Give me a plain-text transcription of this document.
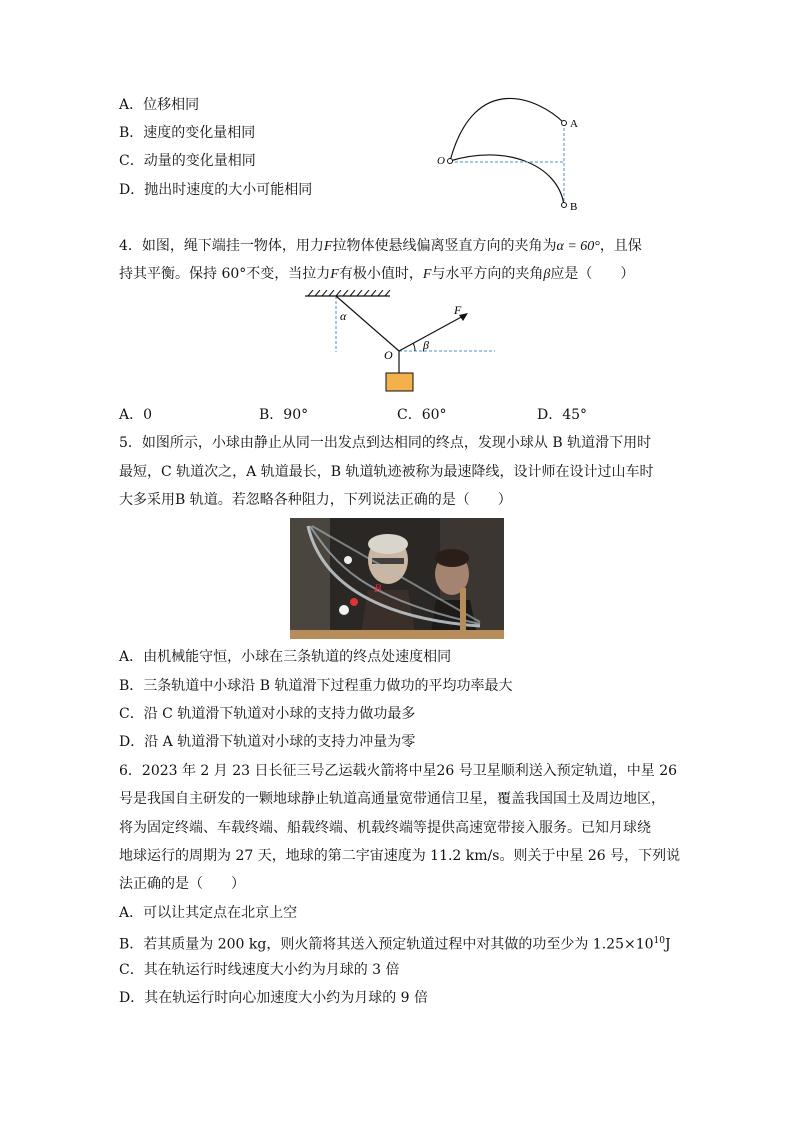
A．位移相同
B．速度的变化量相同
C．动量的变化量相同
D．抛出时速度的大小可能相同
A
B
O
4．如图，绳下端挂一物体，用力F拉物体使悬线偏离竖直方向的夹角为α = 60°，且保
持其平衡。保持 60°不变，当拉力F有极小值时，F与水平方向的夹角β应是（　　）
α
β
F
O
A．0	B．90°	C．60°	D．45°
5．如图所示，小球由静止从同一出发点到达相同的终点，发现小球从 B 轨道滑下用时
最短，C 轨道次之，A 轨道最长，B 轨道轨迹被称为最速降线，设计师在设计过山车时
大多采用B 轨道。若忽略各种阻力，下列说法正确的是（　　）
B
A．由机械能守恒，小球在三条轨道的终点处速度相同
B．三条轨道中小球沿 B 轨道滑下过程重力做功的平均功率最大
C．沿 C 轨道滑下轨道对小球的支持力做功最多
D．沿 A 轨道滑下轨道对小球的支持力冲量为零
6．2023 年 2 月 23 日长征三号乙运载火箭将中星26 号卫星顺利送入预定轨道，中星 26
号是我国自主研发的一颗地球静止轨道高通量宽带通信卫星，覆盖我国国土及周边地区，
将为固定终端、车载终端、船载终端、机载终端等提供高速宽带接入服务。已知月球绕
地球运行的周期为 27 天，地球的第二宇宙速度为 11.2 km/s。则关于中星 26 号，下列说
法正确的是（　　）
A．可以让其定点在北京上空
B．若其质量为 200 kg，则火箭将其送入预定轨道过程中对其做的功至少为 $1.25\times 10^{10}J$
C．其在轨运行时线速度大小约为月球的 3 倍
D．其在轨运行时向心加速度大小约为月球的 9 倍
